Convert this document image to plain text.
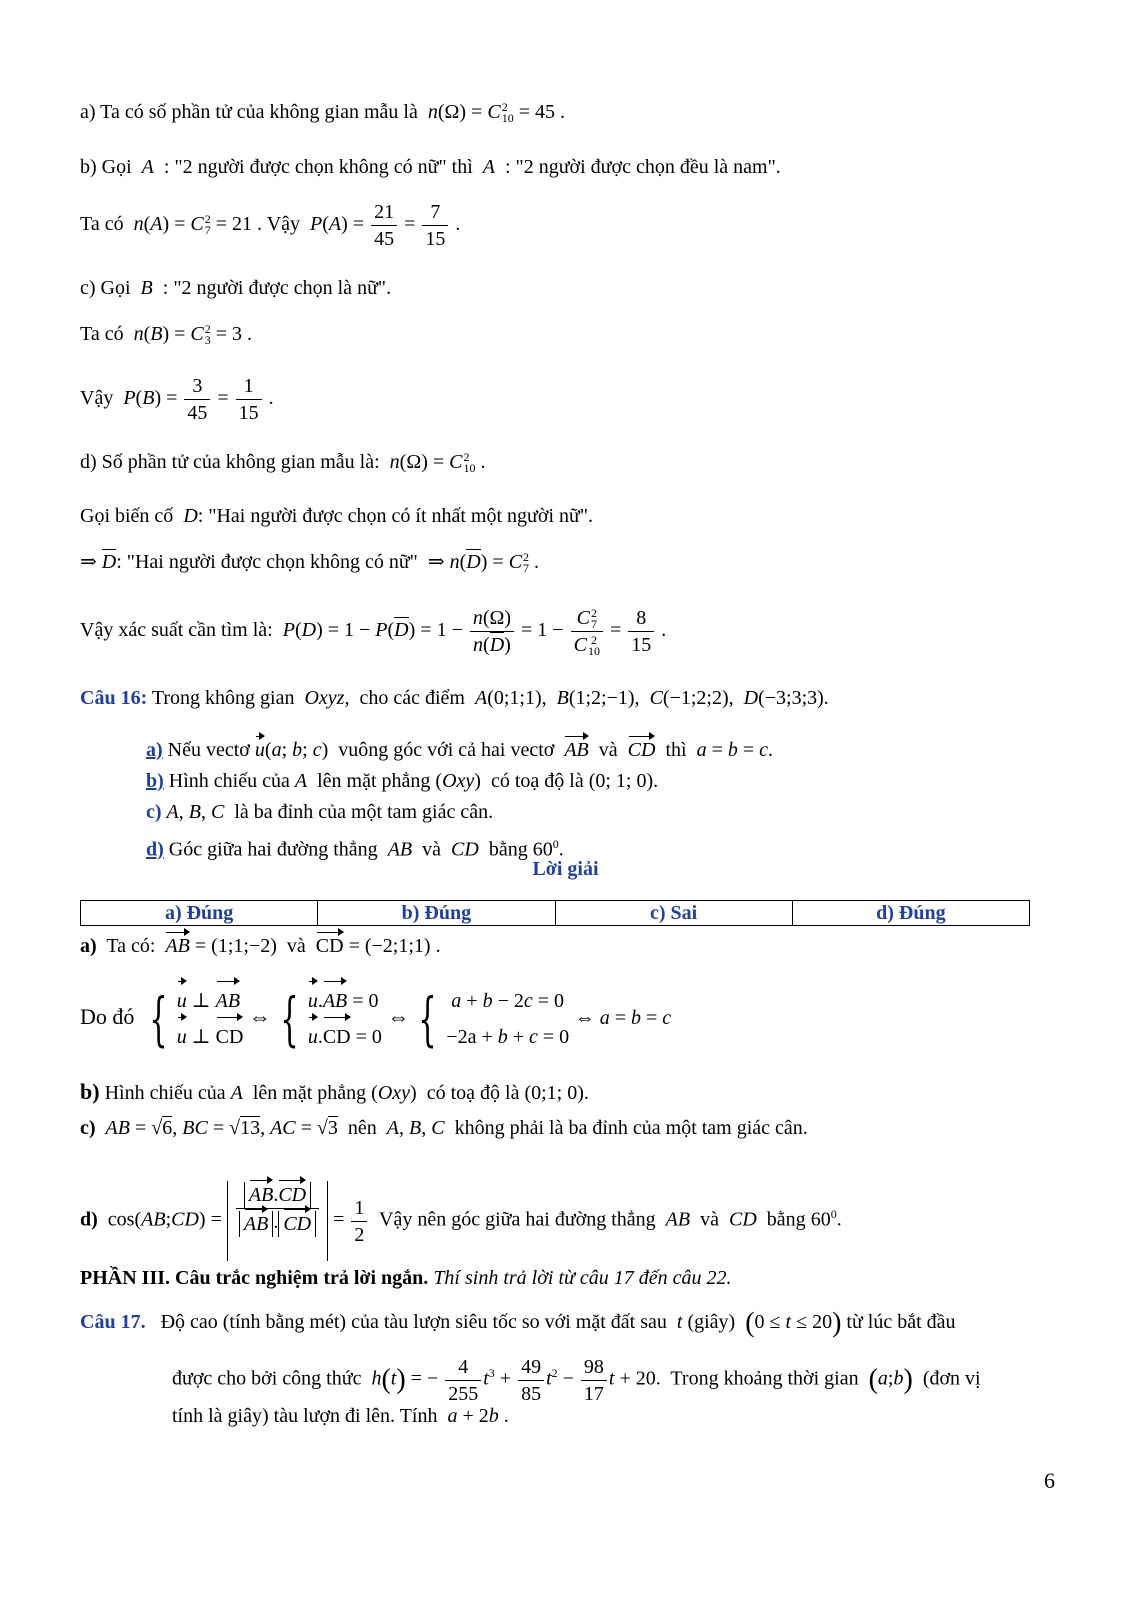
a) Ta có số phần tử của không gian mẫu là n(Ω) = C 2
10 = 45 .
b) Gọi  A  : "2 người được chọn không có nữ" thì  A  : "2 người được chọn đều là nam".
Ta có n(A) = C 2
7 = 21 . Vậy $P(A) = \frac{21}{45} = \frac{7}{15}$ .
c) Gọi  B  : "2 người được chọn là nữ".
Ta có n(B) = C 2
3 = 3 .
Vậy $P(B) = \frac{3}{45} = \frac{1}{15}$ .
d) Số phần tử của không gian mẫu là: n(Ω) = C 2
10 .
Gọi biến cố  D: "Hai người được chọn có ít nhất một người nữ".
⇒ D: "Hai người được chọn không có nữ"  ⇒ n(D) = C 2
7 .
Vậy xác suất cần tìm là: $P(D) = 1 - P(D) = 1 - \frac{n(\Omega)}{n(D)} = 1 - C$ 2
7
C 2
$10 = \frac{8}{15}$ .
Câu 16: Trong không gian  Oxyz,  cho các điểm A(0;1;1),  B(1;2;−1),  C(−1;2;2),  D(−3;3;3).
a) Nếu vectơ u(a; b; c)  vuông góc với cả hai vectơ AB và CD thì a = b = c.
b) Hình chiếu của A lên mặt phẳng (Oxy)  có toạ độ là (0; 1; 0).
c) A, B, C là ba đỉnh của một tam giác cân.
d) Góc giữa hai đường thẳng AB và CD bằng $60^0$.
Lời giải
a) Đúng	b) Đúng	c) Sai	d) Đúng
a) Ta có: AB = (1;1;−2)  và CD = (−2;1;1) .
Do đó { u ⊥ AB
u ⊥ CD ⇔ { u.AB = 0
u.CD = 0 ⇔ { a + b − 2c = 0
−2a + b + c = 0 ⇔ a = b = c
b) Hình chiếu của A lên mặt phẳng (Oxy)  có toạ độ là (0;1; 0).
c) AB = √6, BC = √13, AC = √3 nên A, B, C không phải là ba đỉnh của một tam giác cân.
d)  cos(AB;CD) = $\frac{AB.CD}{AB . CD} = \frac{1}{2}$ Vậy nên góc giữa hai đường thẳng AB và CD bằng $60^0$.
PHẦN III. Câu trắc nghiệm trả lời ngắn. Thí sinh trả lời từ câu 17 đến câu 22.
Câu 17. Độ cao (tính bằng mét) của tàu lượn siêu tốc so với mặt đất sau t (giây) (0 ≤ t ≤ 20) từ lúc bắt đầu
được cho bởi công thức h(t) = − $\frac{4}{255} t^3 + \frac{49}{85} t^2 - \frac{98}{17}$ t + 20.  Trong khoảng thời gian (a;b) (đơn vị
tính là giây) tàu lượn đi lên. Tính a + 2b .
6
